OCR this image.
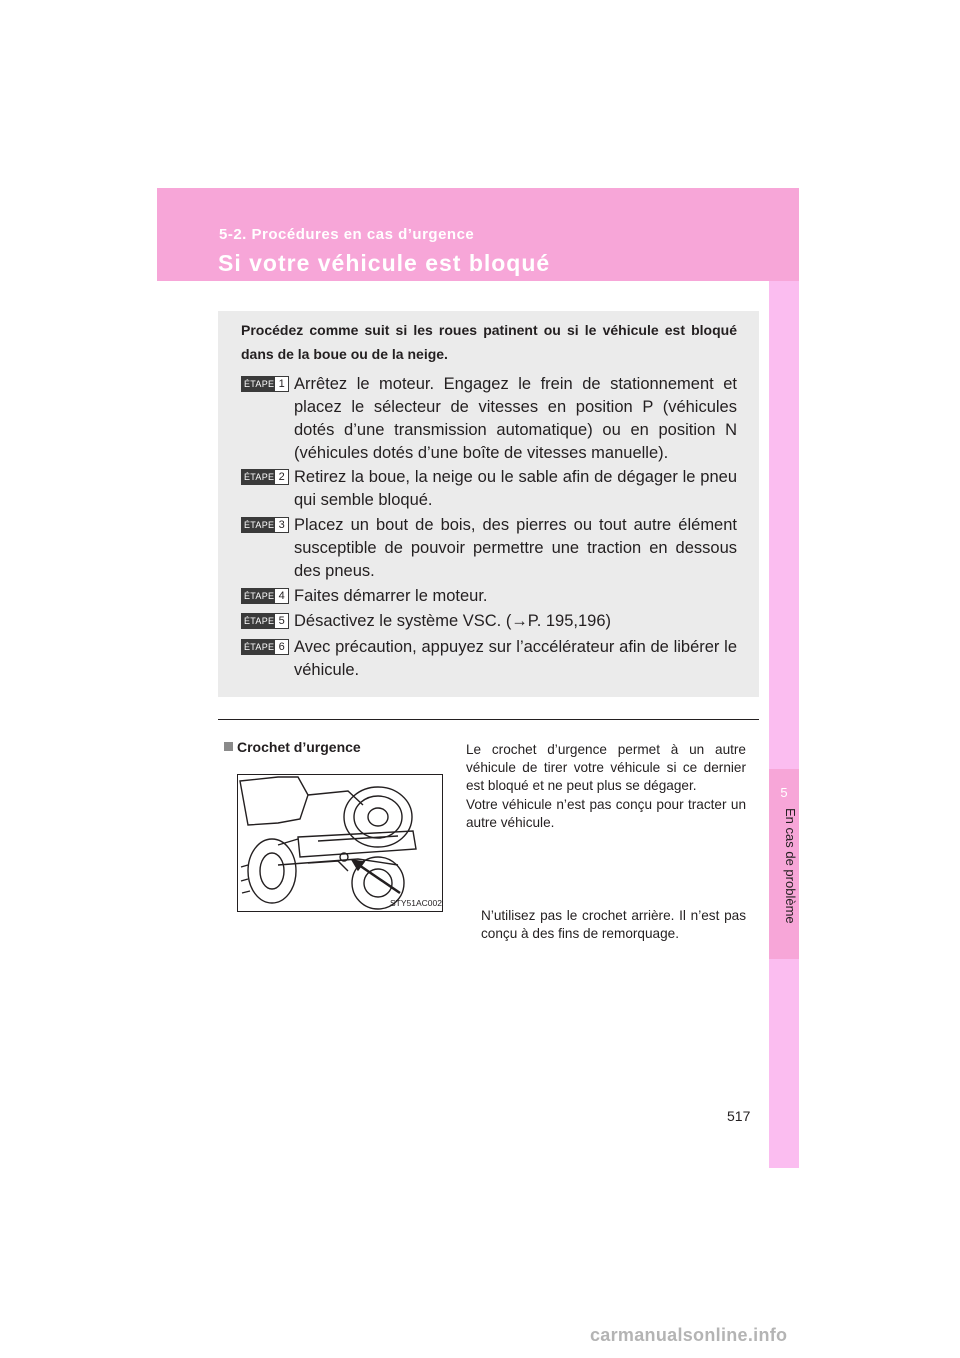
5-2. Procédures en cas d’urgence
Si votre véhicule est bloqué
5
En cas de problème
Procédez comme suit si les roues patinent ou si le véhicule est bloqué dans de la boue ou de la neige.
ÉTAPE 1 Arrêtez le moteur. Engagez le frein de stationnement et placez le sélecteur de vitesses en position P (véhicules dotés d’une transmission automatique) ou en position N (véhicules dotés d’une boîte de vitesses manuelle).
ÉTAPE 2 Retirez la boue, la neige ou le sable afin de dégager le pneu qui semble bloqué.
ÉTAPE 3 Placez un bout de bois, des pierres ou tout autre élément susceptible de pouvoir permettre une traction en dessous des pneus.
ÉTAPE 4 Faites démarrer le moteur.
ÉTAPE 5 Désactivez le système VSC. (→P. 195,196)
ÉTAPE 6 Avec précaution, appuyez sur l’accélérateur afin de libérer le véhicule.
Crochet d’urgence
STY51AC002
Le crochet d’urgence permet à un autre véhicule de tirer votre véhicule si ce dernier est bloqué et ne peut plus se dégager.
Votre véhicule n’est pas conçu pour tracter un autre véhicule.
N’utilisez pas le crochet arrière. Il n’est pas conçu à des fins de remorquage.
517
carmanualsonline.info
